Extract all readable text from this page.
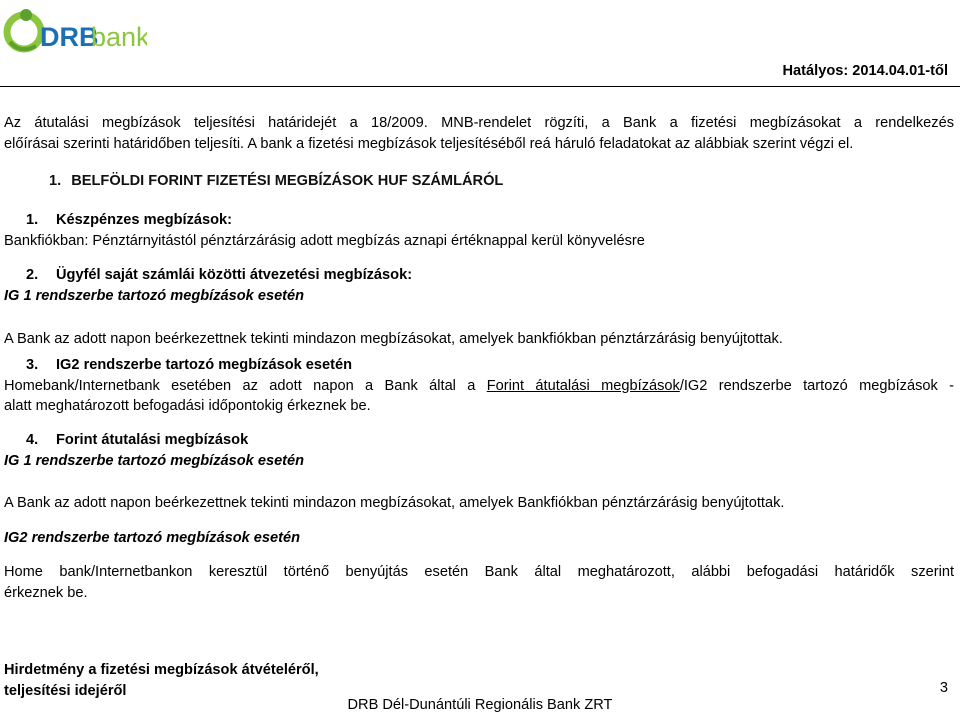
DRB
bank
Hatályos: 2014.04.01-től
Az átutalási megbízások teljesítési határidejét a 18/2009. MNB-rendelet rögzíti, a Bank a fizetési megbízásokat a rendelkezés
előírásai szerinti határidőben teljesíti. A bank a fizetési megbízások teljesítéséből reá háruló feladatokat az alábbiak szerint végzi el.
1. BELFÖLDI FORINT FIZETÉSI MEGBÍZÁSOK HUF SZÁMLÁRÓL
1. Készpénzes megbízások:
Bankfiókban: Pénztárnyitástól pénztárzárásig adott megbízás aznapi értéknappal kerül könyvelésre
2. Ügyfél saját számlái közötti átvezetési megbízások:
IG 1 rendszerbe tartozó megbízások esetén
A Bank az adott napon beérkezettnek tekinti mindazon megbízásokat, amelyek bankfiókban pénztárzárásig benyújtottak.
3. IG2 rendszerbe tartozó megbízások esetén
Homebank/Internetbank esetében az adott napon a Bank által a Forint átutalási megbízások/IG2 rendszerbe tartozó megbízások -
alatt meghatározott befogadási időpontokig érkeznek be.
4. Forint átutalási megbízások
IG 1 rendszerbe tartozó megbízások esetén
A Bank az adott napon beérkezettnek tekinti mindazon megbízásokat, amelyek Bankfiókban pénztárzárásig benyújtottak.
IG2 rendszerbe tartozó megbízások esetén
Home bank/Internetbankon keresztül történő benyújtás esetén Bank által meghatározott, alábbi befogadási határidők szerint
érkeznek be.
Hirdetmény a fizetési megbízások átvételéről,
teljesítési idejéről	3
DRB Dél-Dunántúli Regionális Bank ZRT
